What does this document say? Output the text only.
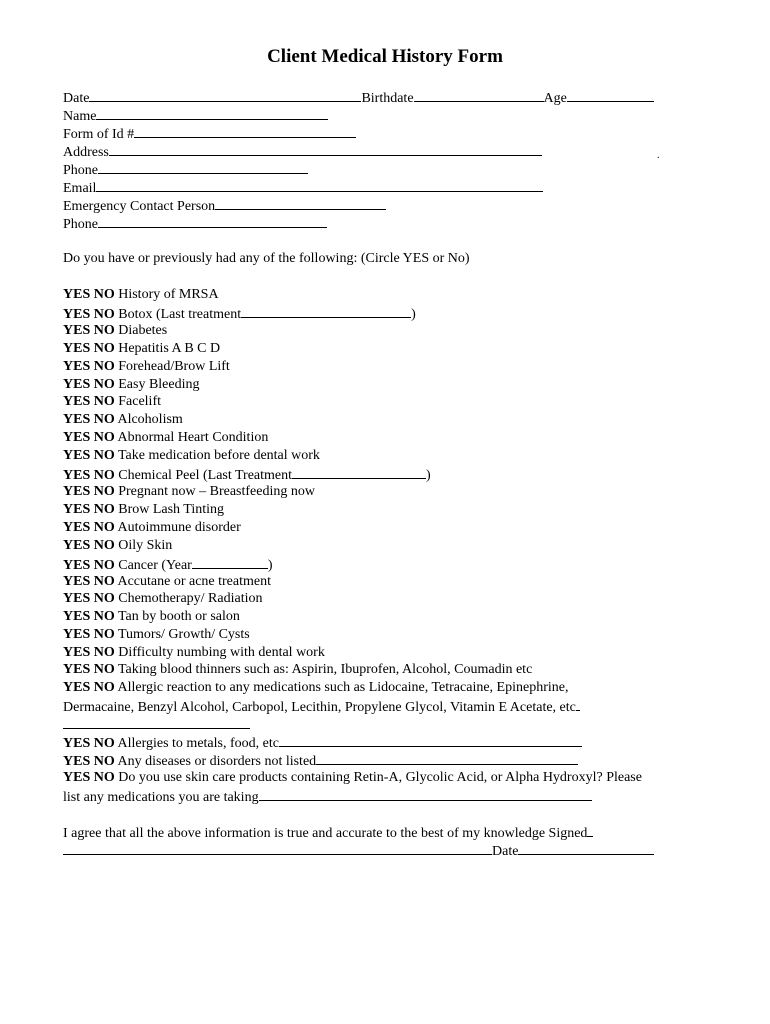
Client Medical History Form
Date	Birthdate	Age
Name
Form of Id #
Address	.
Phone
Email
Emergency Contact Person
Phone
Do you have or previously had any of the following: (Circle YES or No)
YES NO History of MRSA
YES NO Botox (Last treatment	)
YES NO Diabetes
YES NO Hepatitis A B C D
YES NO Forehead/Brow Lift
YES NO Easy Bleeding
YES NO Facelift
YES NO Alcoholism
YES NO Abnormal Heart Condition
YES NO Take medication before dental work
YES NO Chemical Peel (Last Treatment	)
YES NO Pregnant now – Breastfeeding now
YES NO Brow Lash Tinting
YES NO Autoimmune disorder
YES NO Oily Skin
YES NO Cancer (Year	)
YES NO Accutane or acne treatment
YES NO Chemotherapy/ Radiation
YES NO Tan by booth or salon
YES NO Tumors/ Growth/ Cysts
YES NO Difficulty numbing with dental work
YES NO Taking blood thinners such as: Aspirin, Ibuprofen, Alcohol, Coumadin etc
YES NO Allergic reaction to any medications such as Lidocaine, Tetracaine, Epinephrine,
Dermacaine, Benzyl Alcohol, Carbopol, Lecithin, Propylene Glycol, Vitamin E Acetate, etc
YES NO Allergies to metals, food, etc
YES NO Any diseases or disorders not listed
YES NO Do you use skin care products containing Retin-A, Glycolic Acid, or Alpha Hydroxyl? Please
list any medications you are taking
I agree that all the above information is true and accurate to the best of my knowledge Signed
Date
